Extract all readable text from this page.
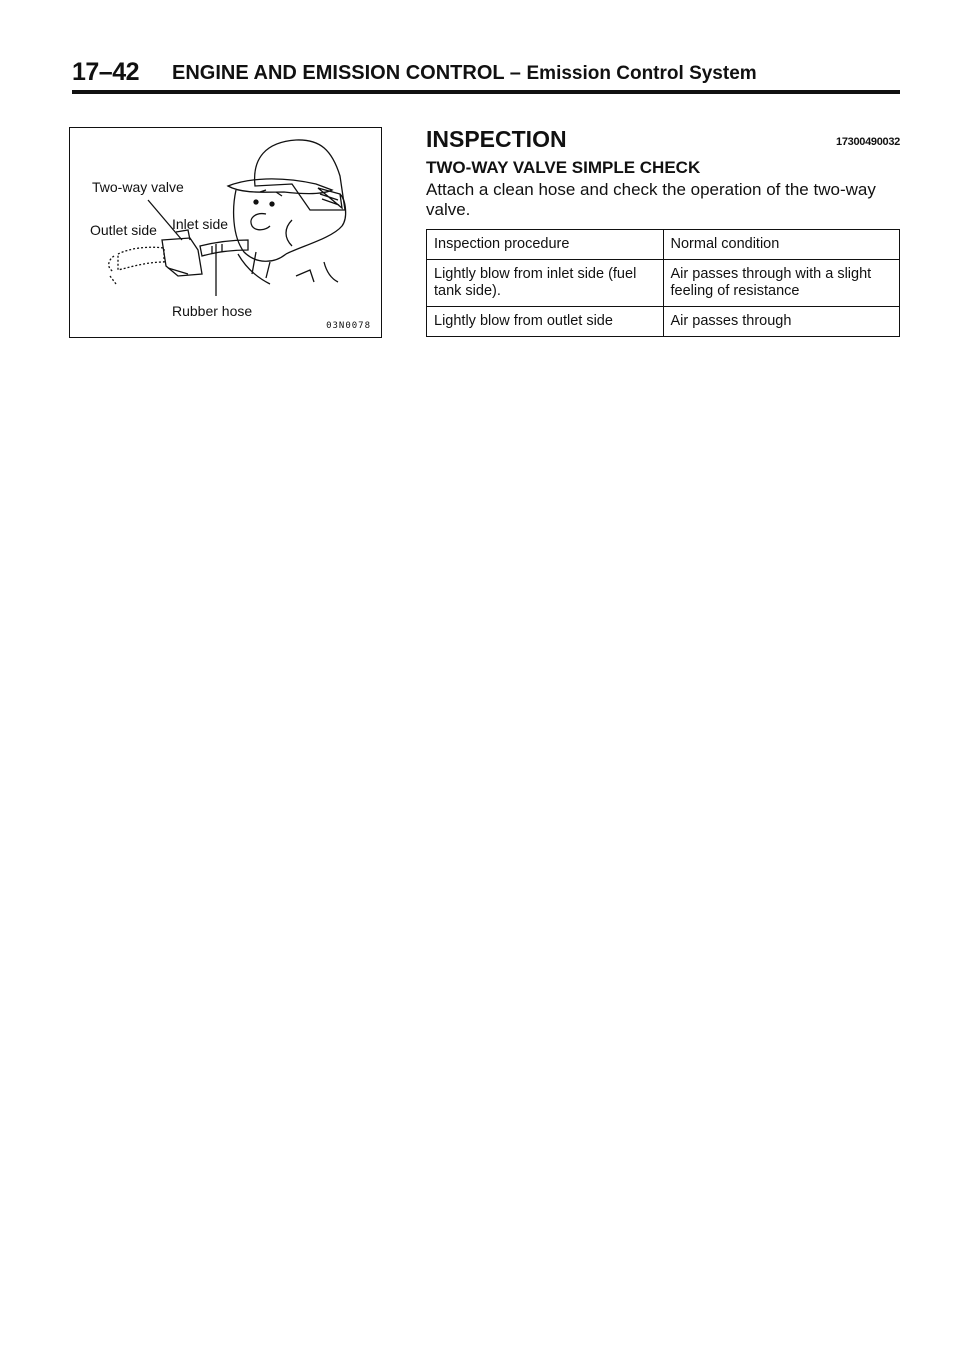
17–42 ENGINE AND EMISSION CONTROL – Emission Control System
Two-way valve
Outlet side Inlet side
Rubber hose
03N0078
INSPECTION	17300490032
TWO-WAY VALVE SIMPLE CHECK
Attach a clean hose and check the operation of the two-way valve.
Inspection procedure	Normal condition
Lightly blow from inlet side (fuel tank side).	Air passes through with a slight feeling of resistance
Lightly blow from outlet side	Air passes through
